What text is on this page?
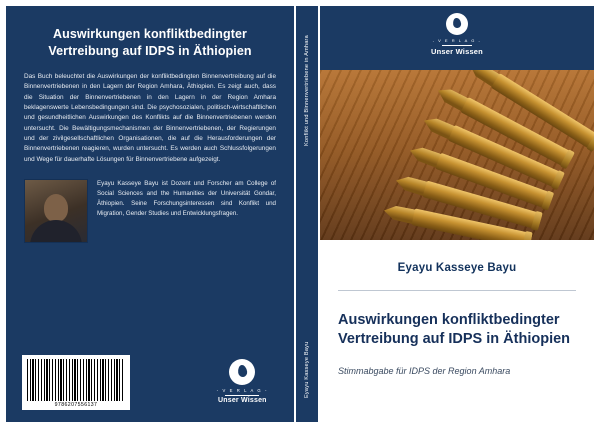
Auswirkungen konfliktbedingter Vertreibung auf IDPS in Äthiopien
Das Buch beleuchtet die Auswirkungen der konfliktbedingten Binnenvertreibung auf die Binnenvertriebenen in den Lagern der Region Amhara, Äthiopien. Es zeigt auch, dass die Situation der Binnenvertriebenen in den Lagern in der Region Amhara beklagenswerte Lebensbedingungen sind. Die psychosozialen, politisch-wirtschaftlichen und gesundheitlichen Auswirkungen des Konflikts auf die Binnenvertriebenen werden untersucht. Die Bewältigungsmechanismen der Binnenvertriebenen, der Regierungen und der zivilgesellschaftlichen Organisationen, die auf die Herausforderungen der Binnenvertriebenen reagieren, wurden untersucht. Es werden auch Schlussfolgerungen und Wege für dauerhafte Lösungen für Binnenvertriebene aufgezeigt.
Eyayu Kasseye Bayu ist Dozent und Forscher am College of Social Sciences and the Humanities der Universität Gondar, Äthiopien. Seine Forschungsinteressen sind Konflikt und Migration, Gender Studies und Entwicklungsfragen.
9786207556137
- V E R L A G -
Unser Wissen
Konflikt und Binnenvertriebene in Amhara
Eyayu Kasseye Bayu
- V E R L A G -
Unser Wissen
Eyayu Kasseye Bayu
Auswirkungen konfliktbedingter Vertreibung auf IDPS in Äthiopien
Stimmabgabe für IDPS der Region Amhara
